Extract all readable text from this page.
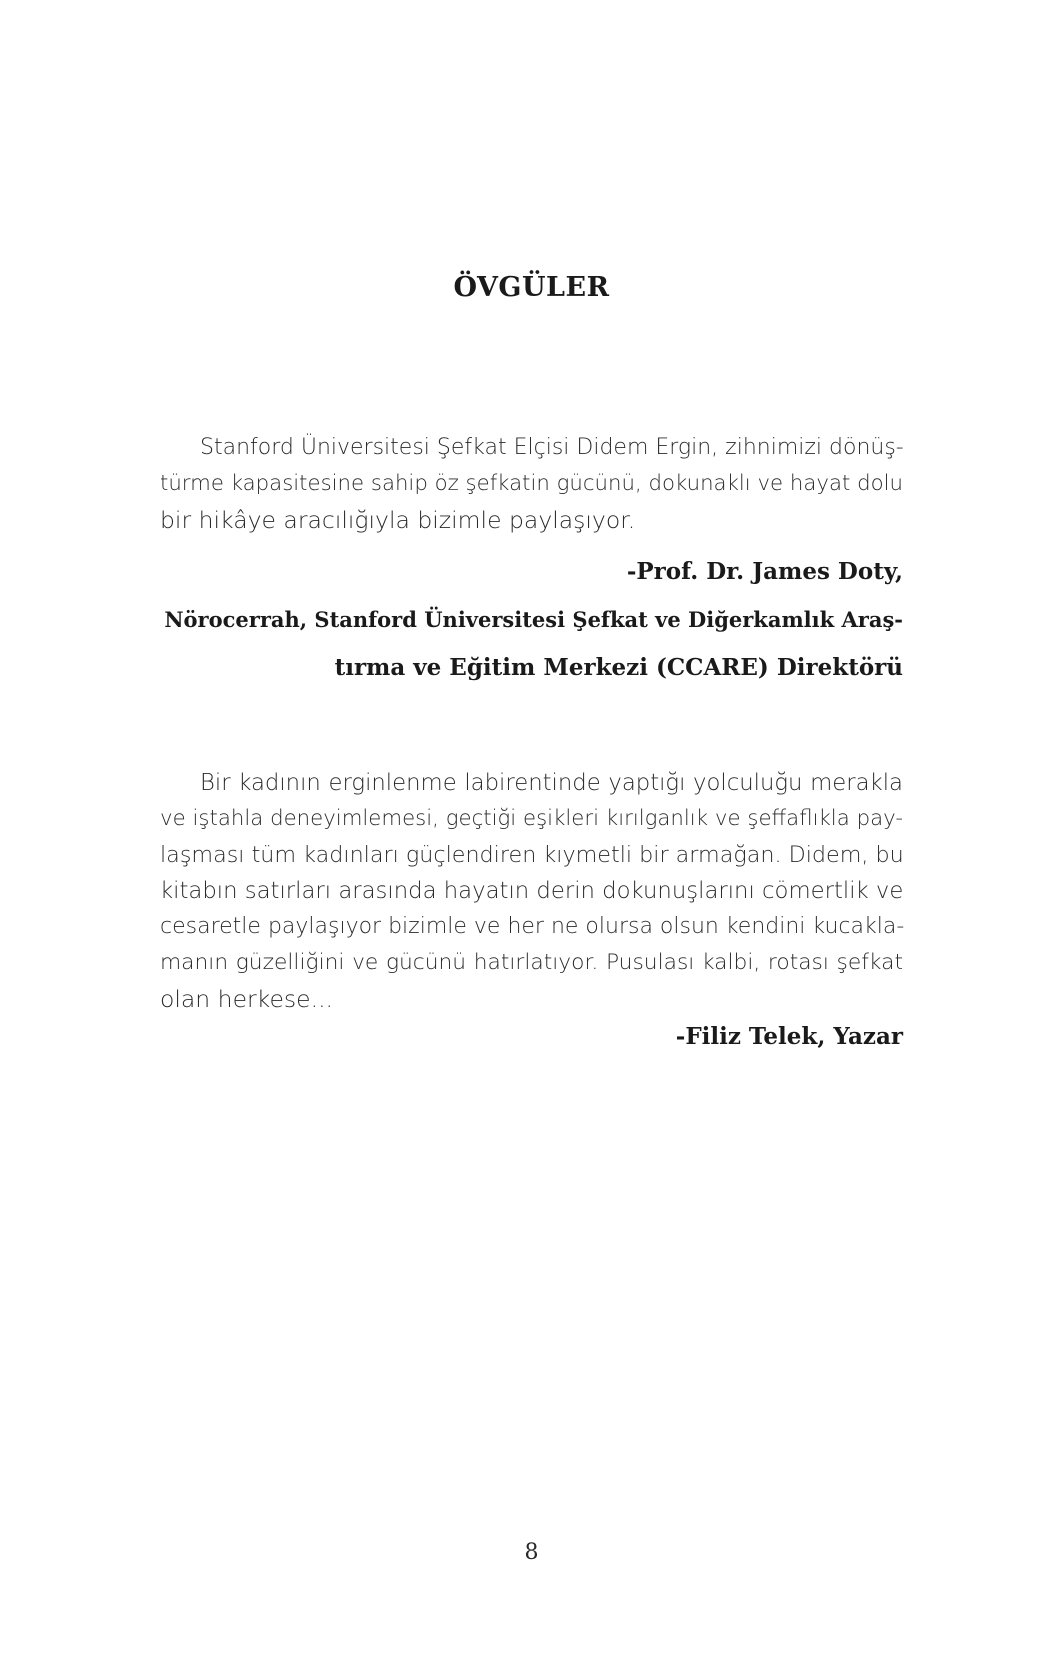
ÖVGÜLER
Stanford Üniversitesi Şefkat Elçisi Didem Ergin, zihnimizi dönüş-
türme kapasitesine sahip öz şefkatin gücünü, dokunaklı ve hayat dolu
bir hikâye aracılığıyla bizimle paylaşıyor.
-Prof. Dr. James Doty,
Nörocerrah, Stanford Üniversitesi Şefkat ve Diğerkamlık Araş-
tırma ve Eğitim Merkezi (CCARE) Direktörü
Bir kadının erginlenme labirentinde yaptığı yolculuğu merakla
ve iştahla deneyimlemesi, geçtiği eşikleri kırılganlık ve şeffaflıkla pay-
laşması tüm kadınları güçlendiren kıymetli bir armağan. Didem, bu
kitabın satırları arasında hayatın derin dokunuşlarını cömertlik ve
cesaretle paylaşıyor bizimle ve her ne olursa olsun kendini kucakla-
manın güzelliğini ve gücünü hatırlatıyor. Pusulası kalbi, rotası şefkat
olan herkese...
-Filiz Telek, Yazar
8
